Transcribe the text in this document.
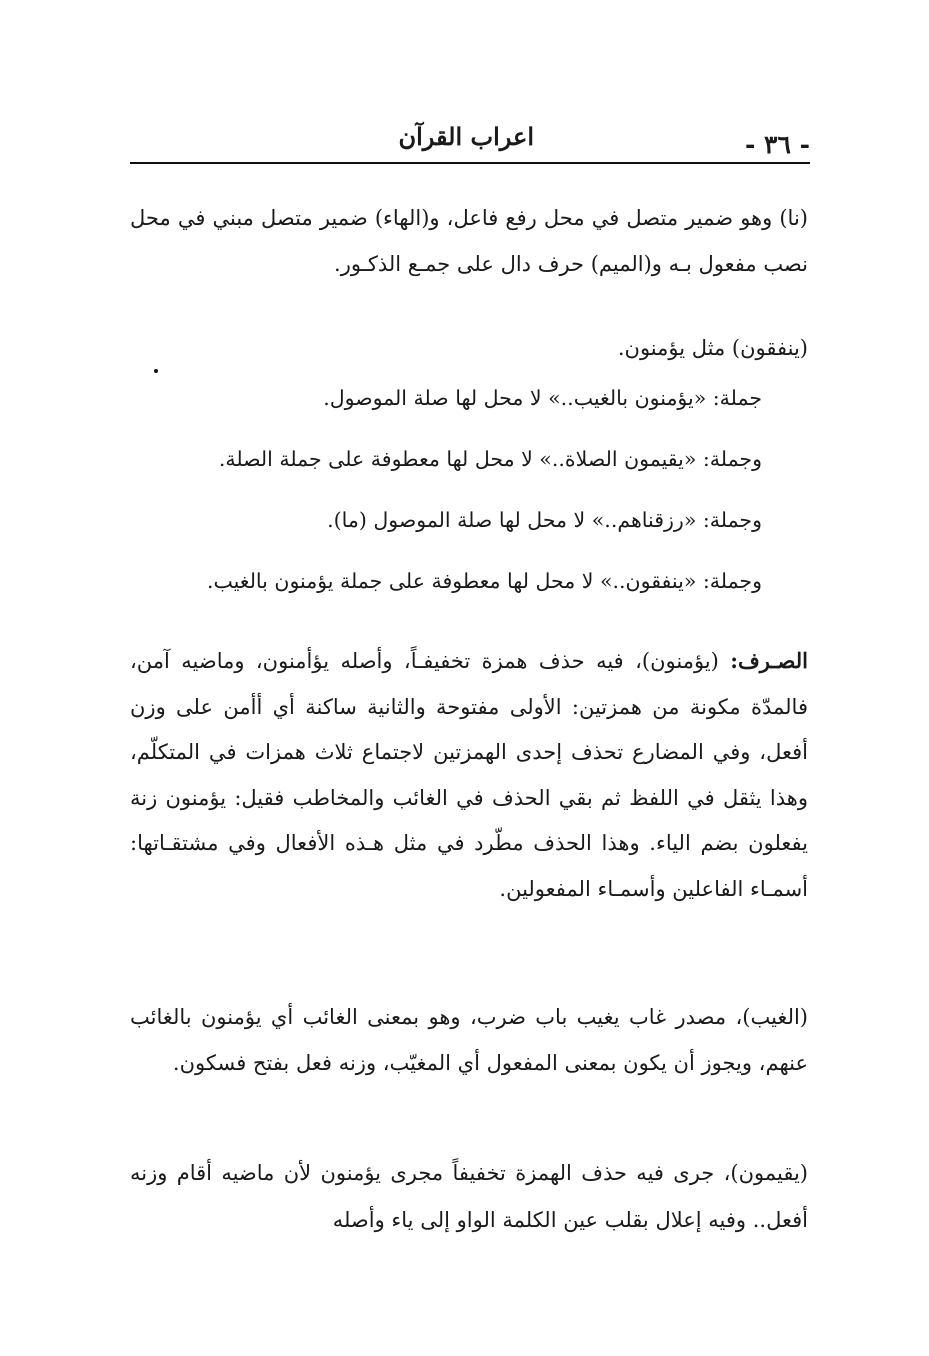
- ٣٦ -
اعراب القرآن

(نا) وهو ضمير متصل في محل رفع فاعل، و(الهاء) ضمير متصل مبني في محل نصب مفعول بـه و(الميم) حرف دال على جمـع الذكـور.

(ينفقون) مثل يؤمنون.

جملة: «يؤمنون بالغيب..» لا محل لها صلة الموصول.
وجملة: «يقيمون الصلاة..» لا محل لها معطوفة على جملة الصلة.
وجملة: «رزقناهم..» لا محل لها صلة الموصول (ما).
وجملة: «ينفقون..» لا محل لها معطوفة على جملة يؤمنون بالغيب.

الصـرف: (يؤمنون)، فيه حذف همزة تخفيفـاً، وأصله يؤأمنون، وماضيه آمن، فالمدّة مكونة من همزتين: الأولى مفتوحة والثانية ساكنة أي أأمن على وزن أفعل، وفي المضارع تحذف إحدى الهمزتين لاجتماع ثلاث همزات في المتكلّم، وهذا يثقل في اللفظ ثم بقي الحذف في الغائب والمخاطب فقيل: يؤمنون زنة يفعلون بضم الياء. وهذا الحذف مطّرد في مثل هـذه الأفعال وفي مشتقـاتها: أسمـاء الفاعلين وأسمـاء المفعولين.

(الغيب)، مصدر غاب يغيب باب ضرب، وهو بمعنى الغائب أي يؤمنون بالغائب عنهم، ويجوز أن يكون بمعنى المفعول أي المغيّب، وزنه فعل بفتح فسكون.

(يقيمون)، جرى فيه حذف الهمزة تخفيفاً مجرى يؤمنون لأن ماضيه أقام وزنه أفعل.. وفيه إعلال بقلب عين الكلمة الواو إلى ياء وأصله
